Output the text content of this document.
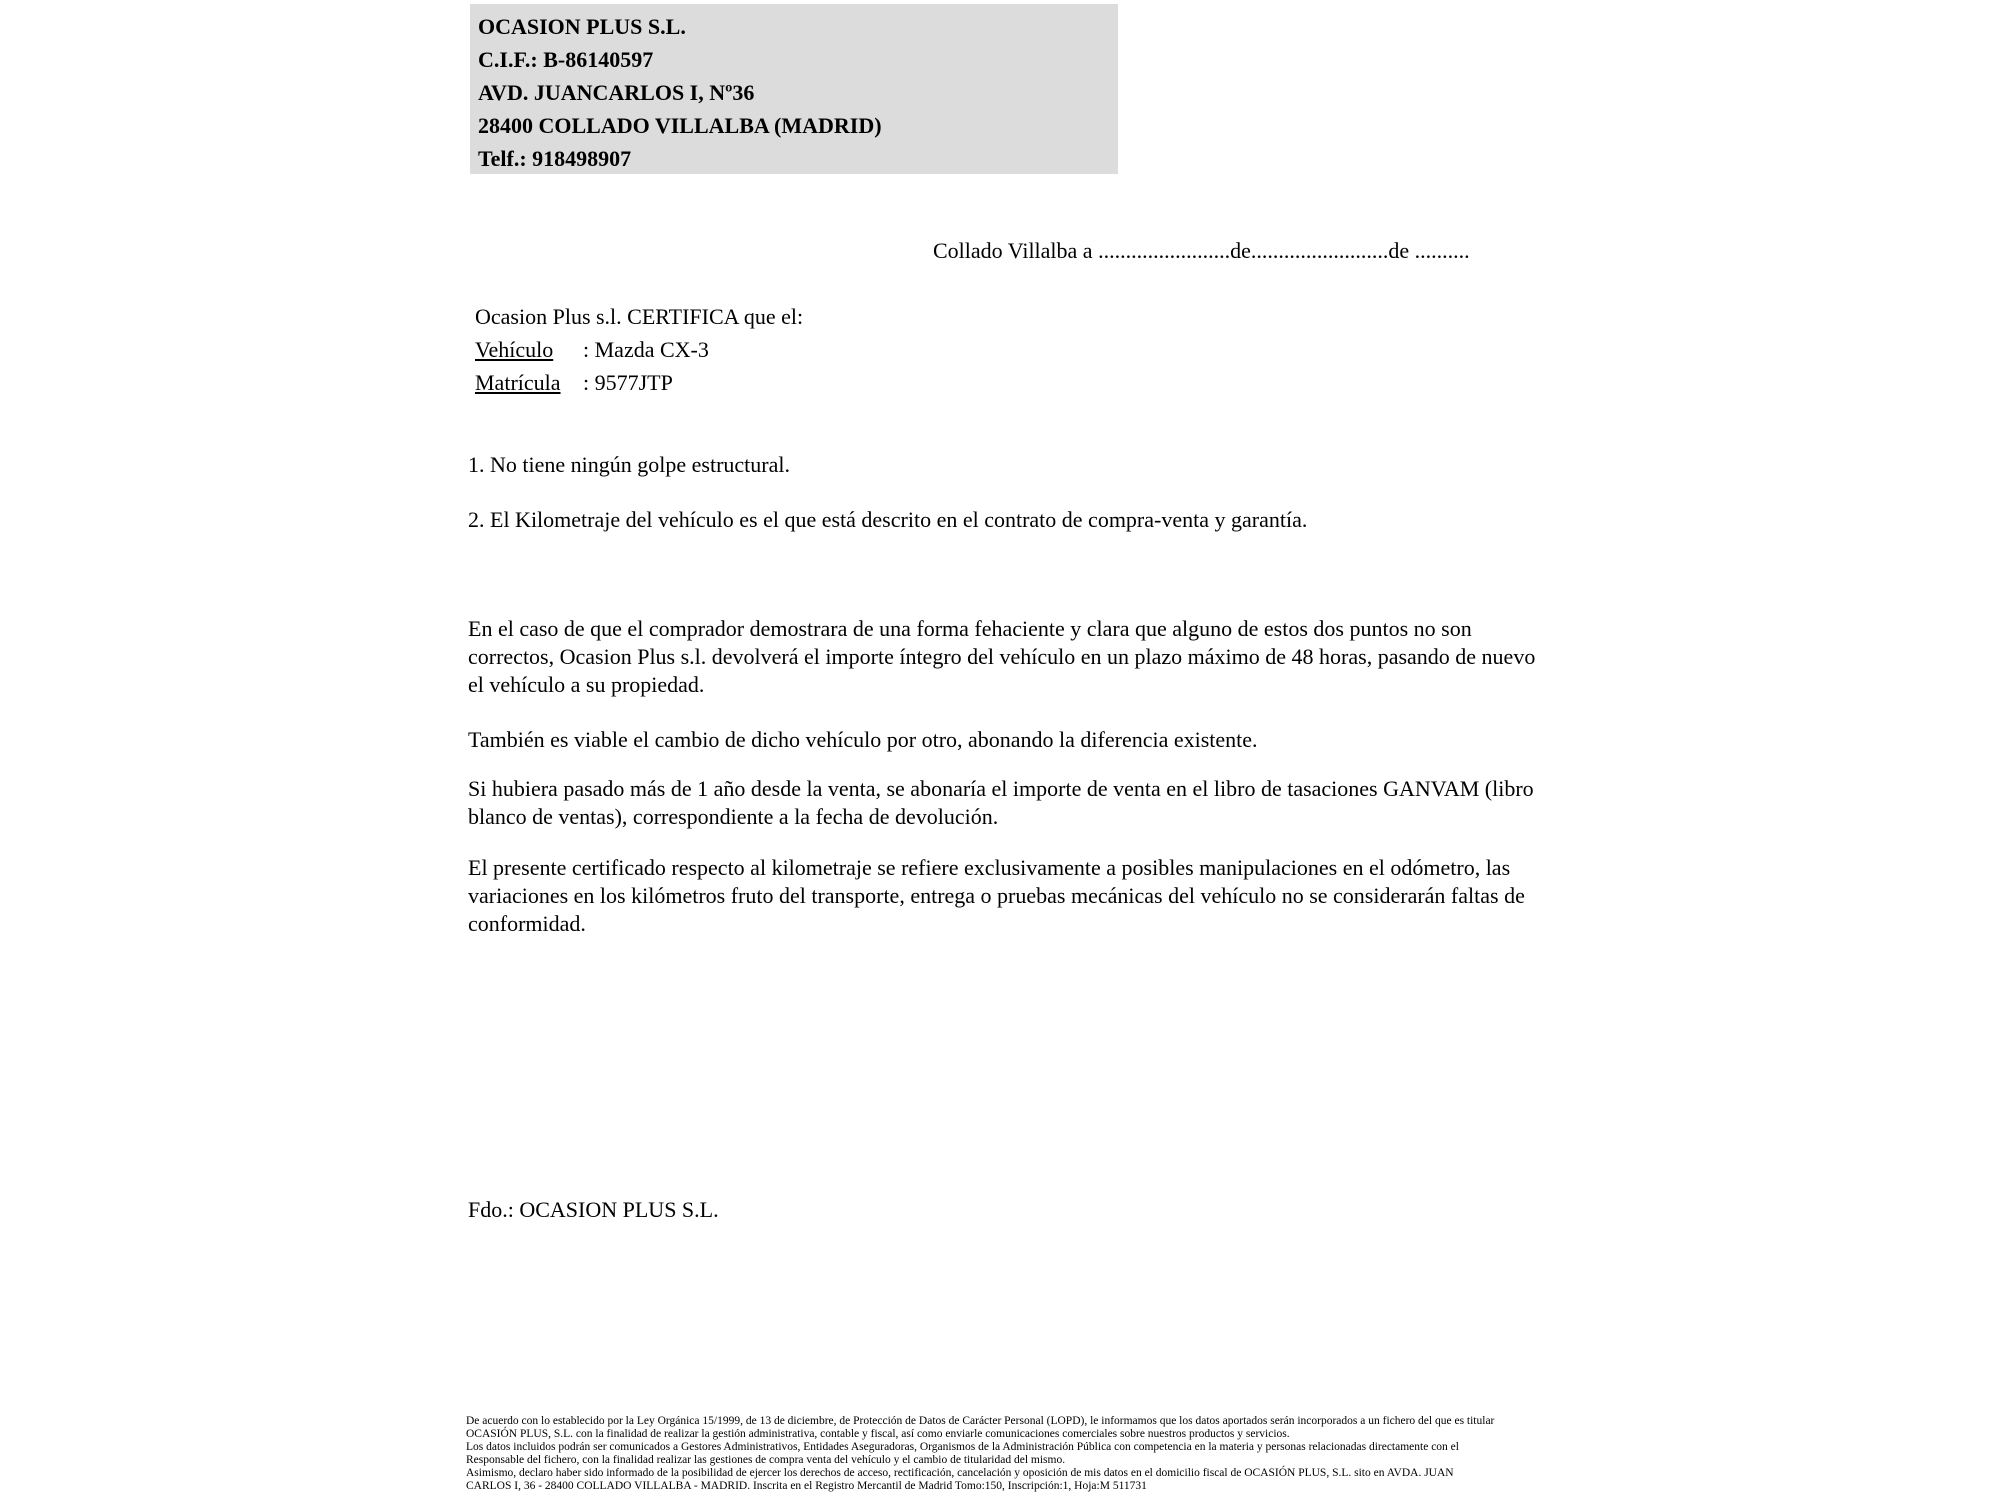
OCASION PLUS S.L.
C.I.F.: B-86140597
AVD. JUANCARLOS I, Nº36
28400 COLLADO VILLALBA (MADRID)
Telf.: 918498907
Collado Villalba a ........................de.........................de ..........
Ocasion Plus s.l. CERTIFICA que el:
Vehículo : Mazda CX-3
Matrícula : 9577JTP
1. No tiene ningún golpe estructural.
2. El Kilometraje del vehículo es el que está descrito en el contrato de compra-venta y garantía.
En el caso de que el comprador demostrara de una forma fehaciente y clara que alguno de estos dos puntos no son correctos, Ocasion Plus s.l. devolverá el importe íntegro del vehículo en un plazo máximo de 48 horas, pasando de nuevo el vehículo a su propiedad.
También es viable el cambio de dicho vehículo por otro, abonando la diferencia existente.
Si hubiera pasado más de 1 año desde la venta, se abonaría el importe de venta en el libro de tasaciones GANVAM (libro blanco de ventas), correspondiente a la fecha de devolución.
El presente certificado respecto al kilometraje se refiere exclusivamente a posibles manipulaciones en el odómetro, las variaciones en los kilómetros fruto del transporte, entrega o pruebas mecánicas del vehículo no se considerarán faltas de conformidad.
Fdo.: OCASION PLUS S.L.
De acuerdo con lo establecido por la Ley Orgánica 15/1999, de 13 de diciembre, de Protección de Datos de Carácter Personal (LOPD), le informamos que los datos aportados serán incorporados a un fichero del que es titular
OCASIÓN PLUS, S.L. con la finalidad de realizar la gestión administrativa, contable y fiscal, así como enviarle comunicaciones comerciales sobre nuestros productos y servicios.
Los datos incluidos podrán ser comunicados a Gestores Administrativos, Entidades Aseguradoras, Organismos de la Administración Pública con competencia en la materia y personas relacionadas directamente con el
Responsable del fichero, con la finalidad realizar las gestiones de compra venta del vehículo y el cambio de titularidad del mismo.
Asimismo, declaro haber sido informado de la posibilidad de ejercer los derechos de acceso, rectificación, cancelación y oposición de mis datos en el domicilio fiscal de OCASIÓN PLUS, S.L. sito en AVDA. JUAN
CARLOS I, 36 - 28400 COLLADO VILLALBA - MADRID. Inscrita en el Registro Mercantil de Madrid Tomo:150, Inscripción:1, Hoja:M 511731
